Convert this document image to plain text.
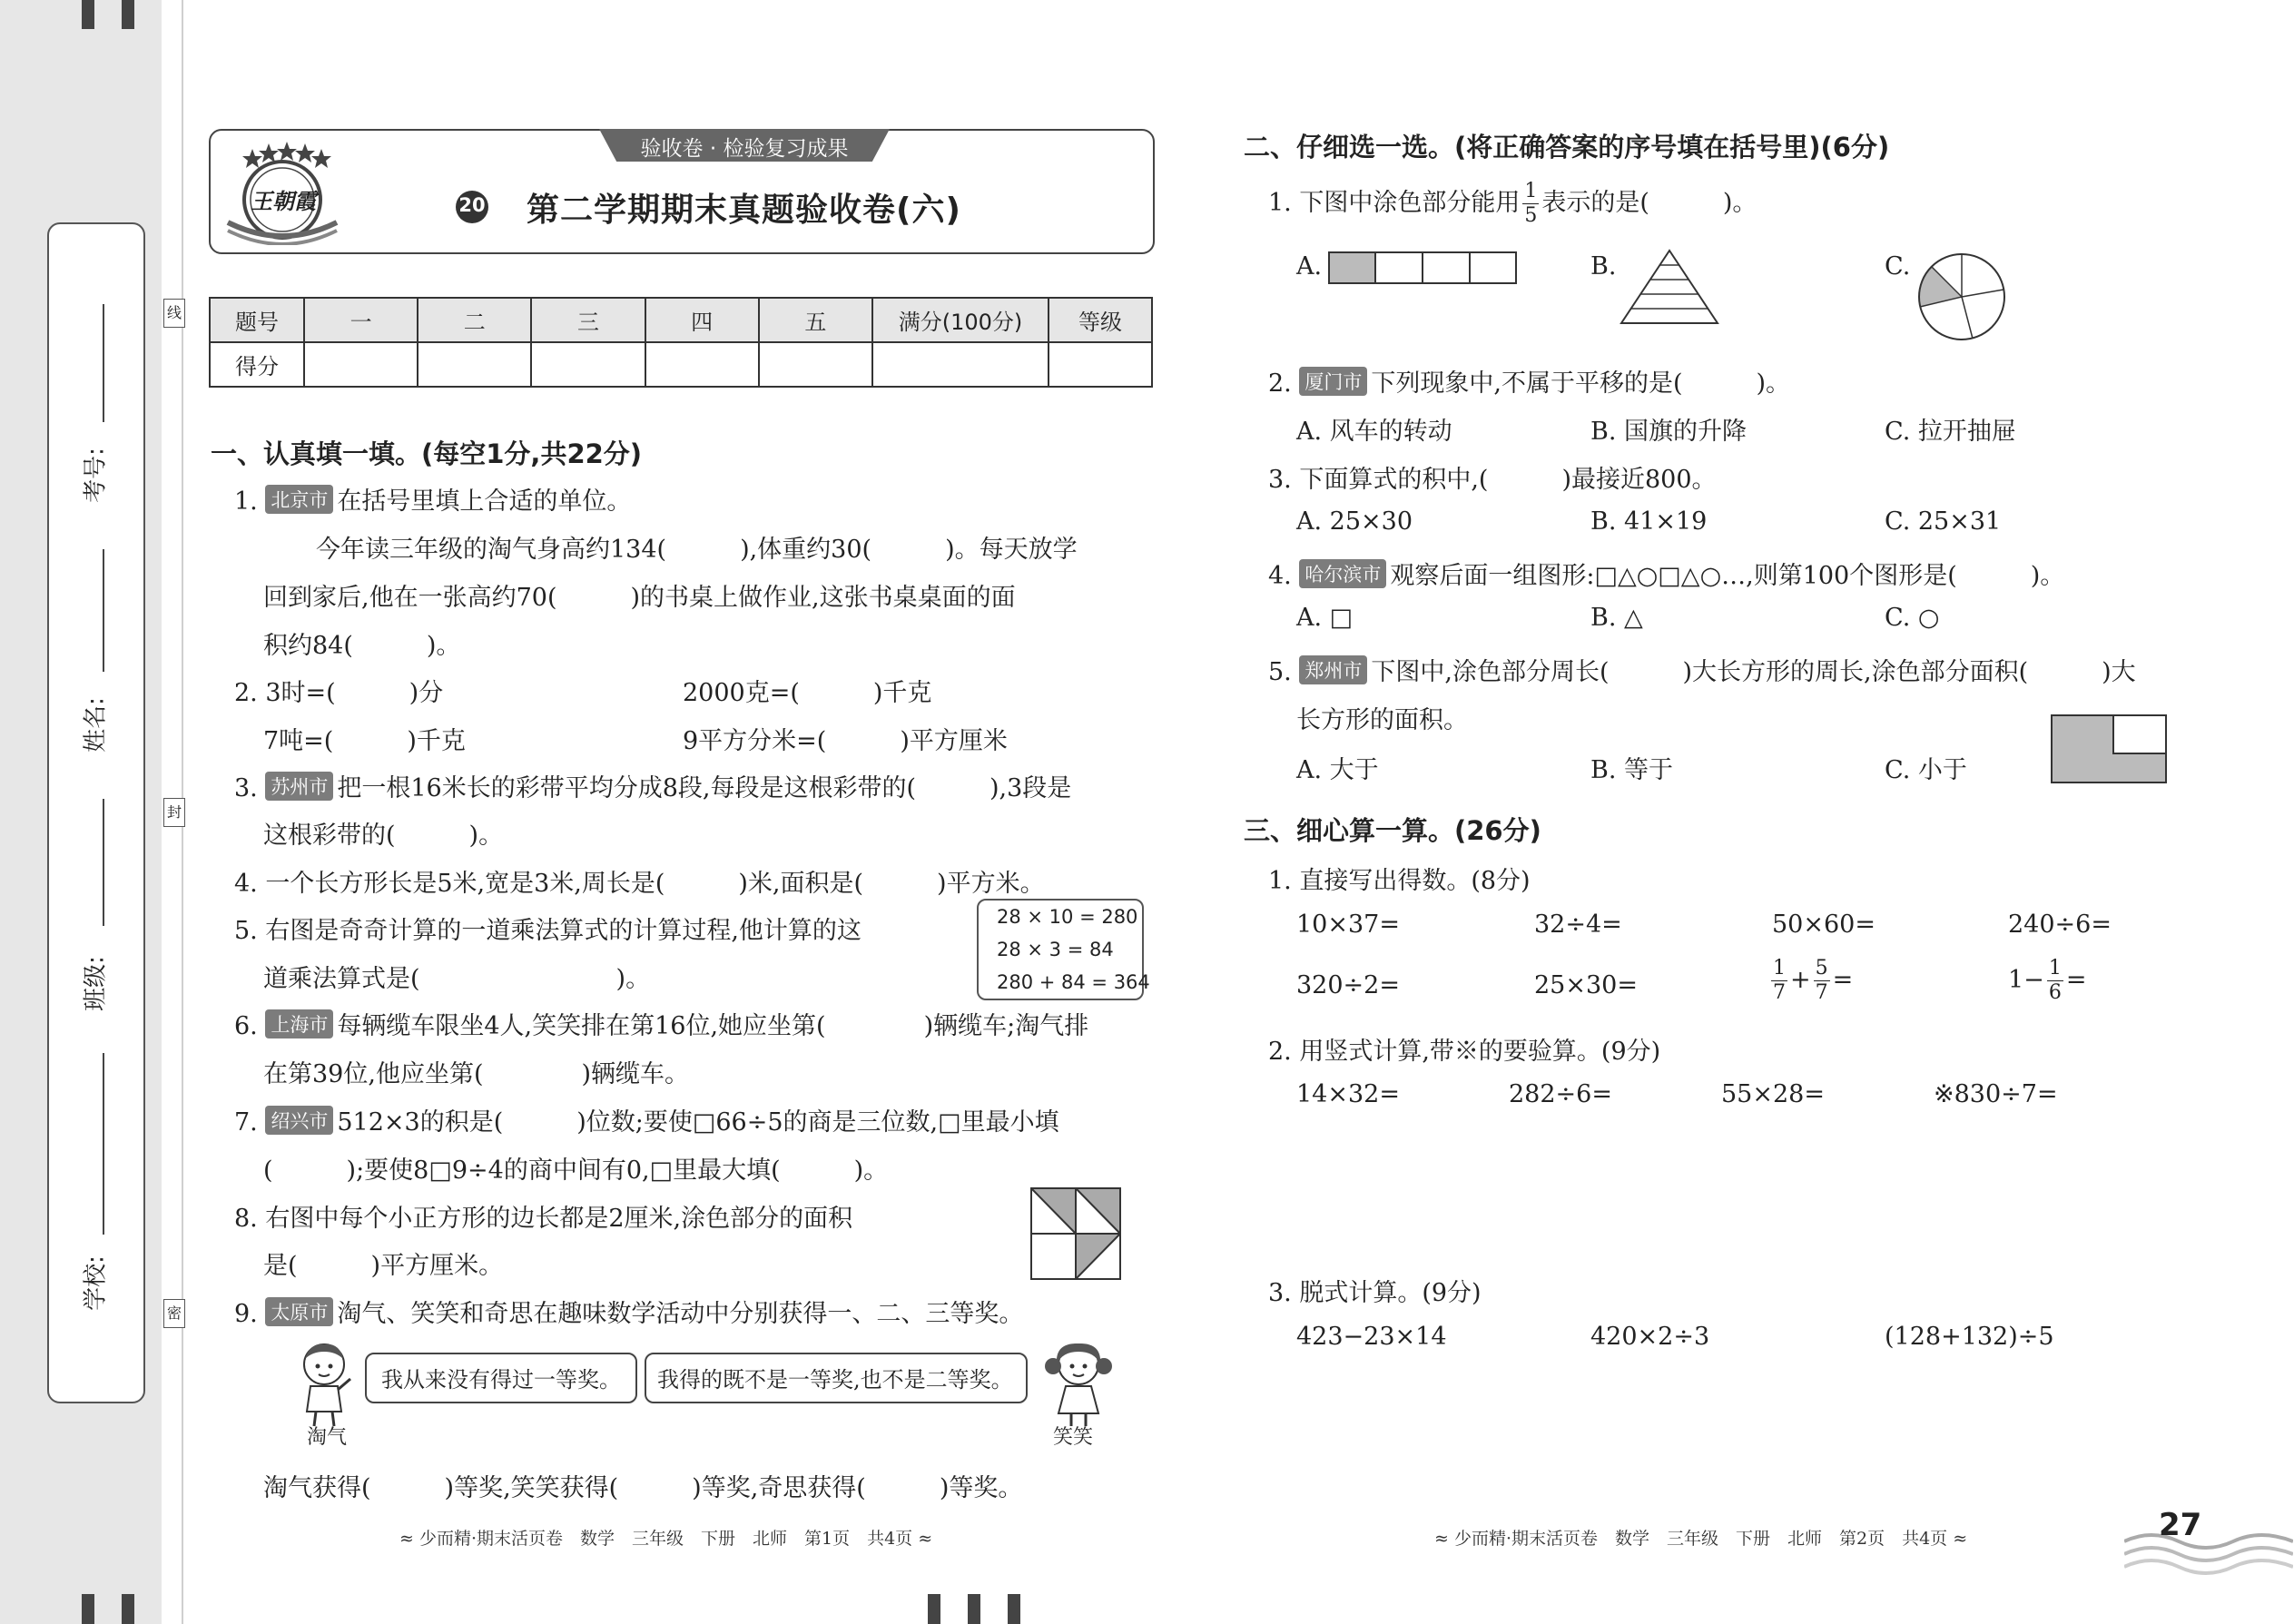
考号:
姓名:
班级:
学校:
线
封
密
王朝霞
验收卷 · 检验复习成果
20 第二学期期末真题验收卷(六)
题号	一	二	三	四	五	满分(100分)	等级
得分							
一、认真填一填。(每空1分,共22分)
1. 北京市 在括号里填上合适的单位。
今年读三年级的淘气身高约134(　　　),体重约30(　　　)。每天放学
回到家后,他在一张高约70(　　　)的书桌上做作业,这张书桌桌面的面
积约84(　　　)。
2. 3时=(　　　)分	2000克=(　　　)千克
7吨=(　　　)千克	9平方分米=(　　　)平方厘米
3. 苏州市 把一根16米长的彩带平均分成8段,每段是这根彩带的(　　　),3段是
这根彩带的(　　　)。
4. 一个长方形长是5米,宽是3米,周长是(　　　)米,面积是(　　　)平方米。
5. 右图是奇奇计算的一道乘法算式的计算过程,他计算的这
道乘法算式是(　　　　　　　　)。
28 × 10 = 280
28 × 3 = 84
280 + 84 = 364
6. 上海市 每辆缆车限坐4人,笑笑排在第16位,她应坐第(　　　　)辆缆车;淘气排
在第39位,他应坐第(　　　　)辆缆车。
7. 绍兴市 512×3的积是(　　　)位数;要使□66÷5的商是三位数,□里最小填
(　　　);要使8□9÷4的商中间有0,□里最大填(　　　)。
8. 右图中每个小正方形的边长都是2厘米,涂色部分的面积
是(　　　)平方厘米。
9. 太原市 淘气、笑笑和奇思在趣味数学活动中分别获得一、二、三等奖。
淘气
我从来没有得过一等奖。 我得的既不是一等奖,也不是二等奖。
笑笑
淘气获得(　　　)等奖,笑笑获得(　　　)等奖,奇思获得(　　　)等奖。
≈ 少而精·期末活页卷　数学　三年级　下册　北师　第1页　共4页 ≈
二、仔细选一选。(将正确答案的序号填在括号里)(6分)
1. 下图中涂色部分能用 $\frac{1}{5}$ 表示的是(　　　)。
A.	B.	C.
2. 厦门市 下列现象中,不属于平移的是(　　　)。
A. 风车的转动	B. 国旗的升降	C. 拉开抽屉
3. 下面算式的积中,(　　　)最接近800。
A. 25×30	B. 41×19	C. 25×31
4. 哈尔滨市 观察后面一组图形:□△○□△○…,则第100个图形是(　　　)。
A. □	B. △	C. ○
5. 郑州市 下图中,涂色部分周长(　　　)大长方形的周长,涂色部分面积(　　　)大
长方形的面积。
A. 大于	B. 等于	C. 小于
三、细心算一算。(26分)
1. 直接写出得数。(8分)
10×37=	32÷4=	50×60=	240÷6=
320÷2=	25×30=	$\frac{1}{7} + \frac{5}{7}$ =	$1- \frac{1}{6}$ =
2. 用竖式计算,带※的要验算。(9分)
14×32=	282÷6=	55×28=	※830÷7=
3. 脱式计算。(9分)
423−23×14	420×2÷3	(128+132)÷5
≈ 少而精·期末活页卷　数学　三年级　下册　北师　第2页　共4页 ≈	27
